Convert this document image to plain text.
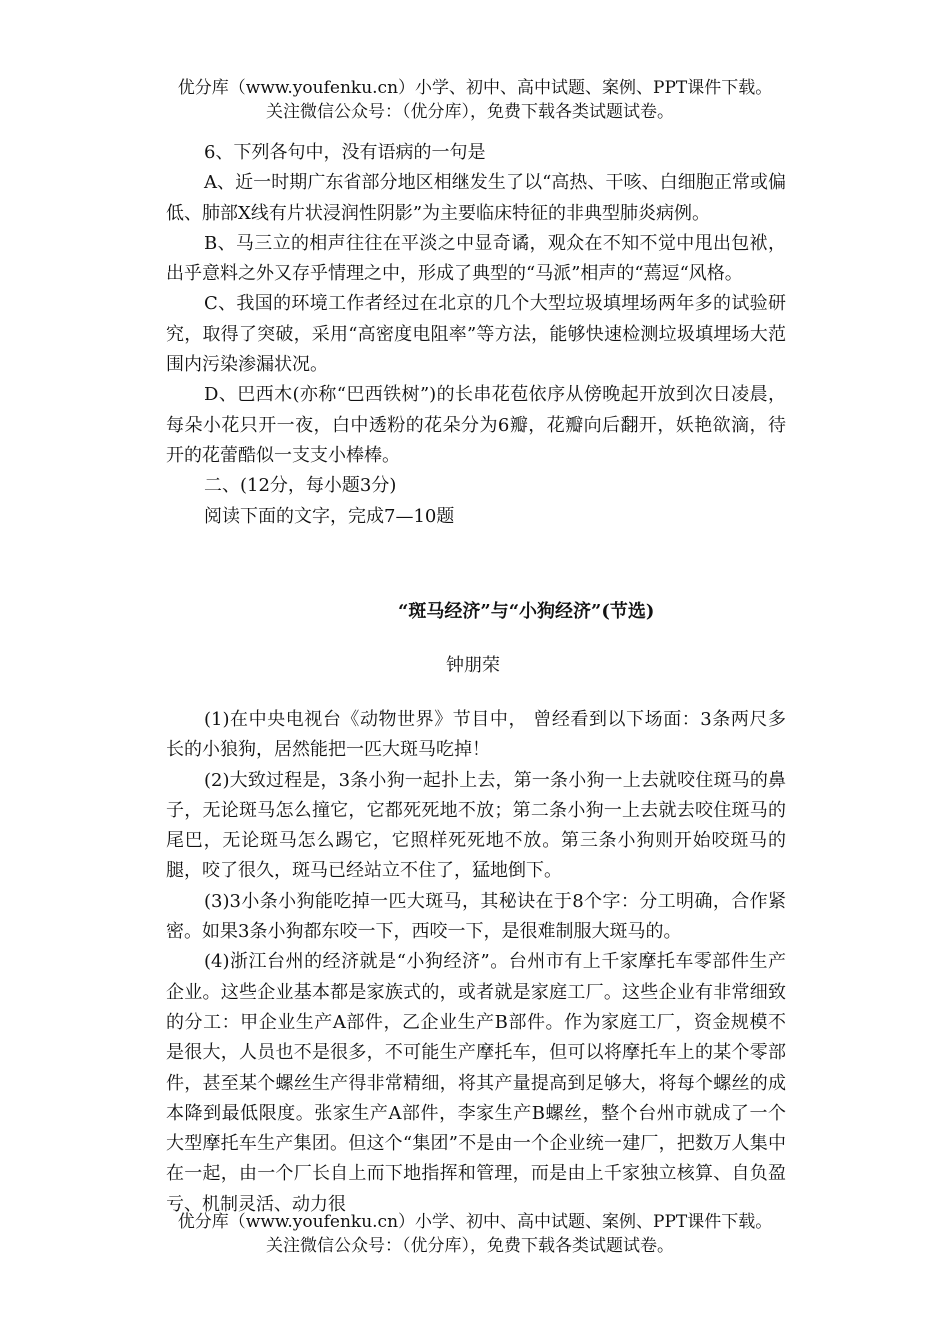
优分库（www.youfenku.cn）小学、初中、高中试题、案例、PPT课件下载。
关注微信公众号：（优分库），免费下载各类试题试卷。

6、下列各句中，没有语病的一句是

A、近一时期广东省部分地区相继发生了以“高热、干咳、白细胞正常或偏低、肺部X线有片状浸润性阴影”为主要临床特征的非典型肺炎病例。

B、马三立的相声往往在平淡之中显奇谲，观众在不知不觉中甩出包袱，出乎意料之外又存乎情理之中，形成了典型的“马派”相声的“蔫逗“风格。

C、我国的环境工作者经过在北京的几个大型垃圾填埋场两年多的试验研究，取得了突破，采用“高密度电阻率”等方法，能够快速检测垃圾填埋场大范围内污染渗漏状况。

D、巴西木(亦称“巴西铁树”)的长串花苞依序从傍晚起开放到次日凌晨，每朵小花只开一夜，白中透粉的花朵分为6瓣，花瓣向后翻开，妖艳欲滴，待开的花蕾酷似一支支小棒棒。

二、(12分，每小题3分)

阅读下面的文字，完成7—10题

“斑马经济”与“小狗经济”(节选)
钟朋荣

(1)在中央电视台《动物世界》节目中， 曾经看到以下场面：3条两尺多长的小狼狗，居然能把一匹大斑马吃掉！

(2)大致过程是，3条小狗一起扑上去，第一条小狗一上去就咬住斑马的鼻子，无论斑马怎么撞它，它都死死地不放；第二条小狗一上去就去咬住斑马的尾巴，无论斑马怎么踢它，它照样死死地不放。第三条小狗则开始咬斑马的腿，咬了很久，斑马已经站立不住了，猛地倒下。

(3)3小条小狗能吃掉一匹大斑马，其秘诀在于8个字：分工明确，合作紧密。如果3条小狗都东咬一下，西咬一下，是很难制服大斑马的。

(4)浙江台州的经济就是“小狗经济”。台州市有上千家摩托车零部件生产企业。这些企业基本都是家族式的，或者就是家庭工厂。这些企业有非常细致的分工：甲企业生产A部件，乙企业生产B部件。作为家庭工厂，资金规模不是很大，人员也不是很多，不可能生产摩托车，但可以将摩托车上的某个零部件，甚至某个螺丝生产得非常精细，将其产量提高到足够大，将每个螺丝的成本降到最低限度。张家生产A部件，李家生产B螺丝，整个台州市就成了一个大型摩托车生产集团。但这个“集团”不是由一个企业统一建厂，把数万人集中在一起，由一个厂长自上而下地指挥和管理，而是由上千家独立核算、自负盈亏、机制灵活、动力很

优分库（www.youfenku.cn）小学、初中、高中试题、案例、PPT课件下载。
关注微信公众号：（优分库），免费下载各类试题试卷。
